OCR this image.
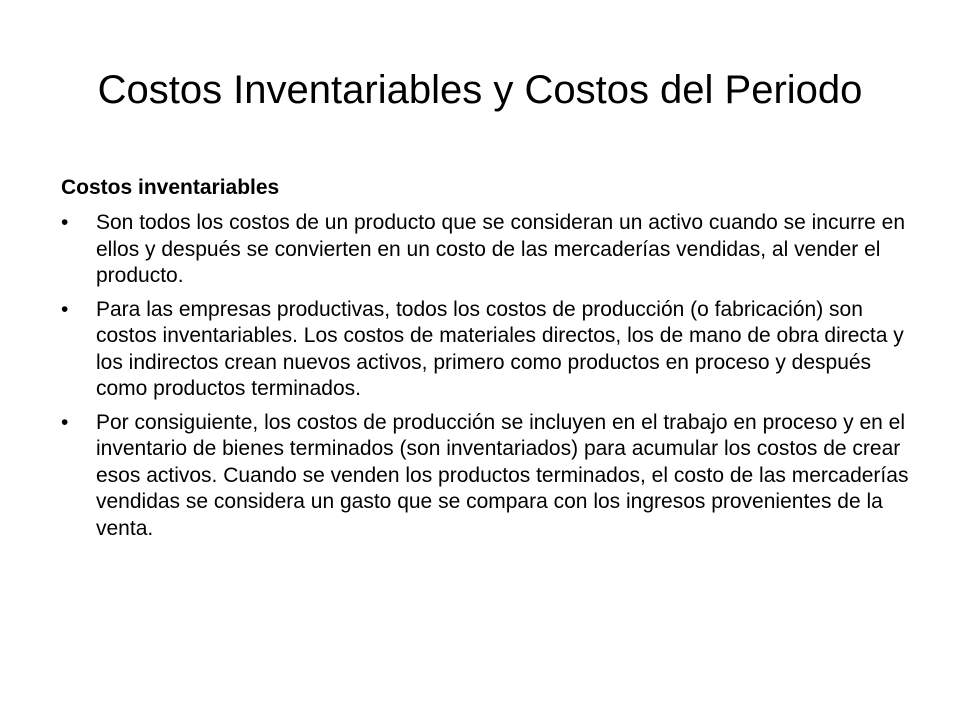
Costos Inventariables y Costos del Periodo
Costos inventariables
• Son todos los costos de un producto que se consideran un activo cuando se incurre en ellos y después se convierten en un costo de las mercaderías vendidas, al vender el producto.
• Para las empresas productivas, todos los costos de producción (o fabricación) son costos inventariables. Los costos de materiales directos, los de mano de obra directa y los indirectos crean nuevos activos, primero como productos en proceso y después como productos terminados.
• Por consiguiente, los costos de producción se incluyen en el trabajo en proceso y en el inventario de bienes terminados (son inventariados) para acumular los costos de crear esos activos. Cuando se venden los productos terminados, el costo de las mercaderías vendidas se considera un gasto que se compara con los ingresos provenientes de la venta.
